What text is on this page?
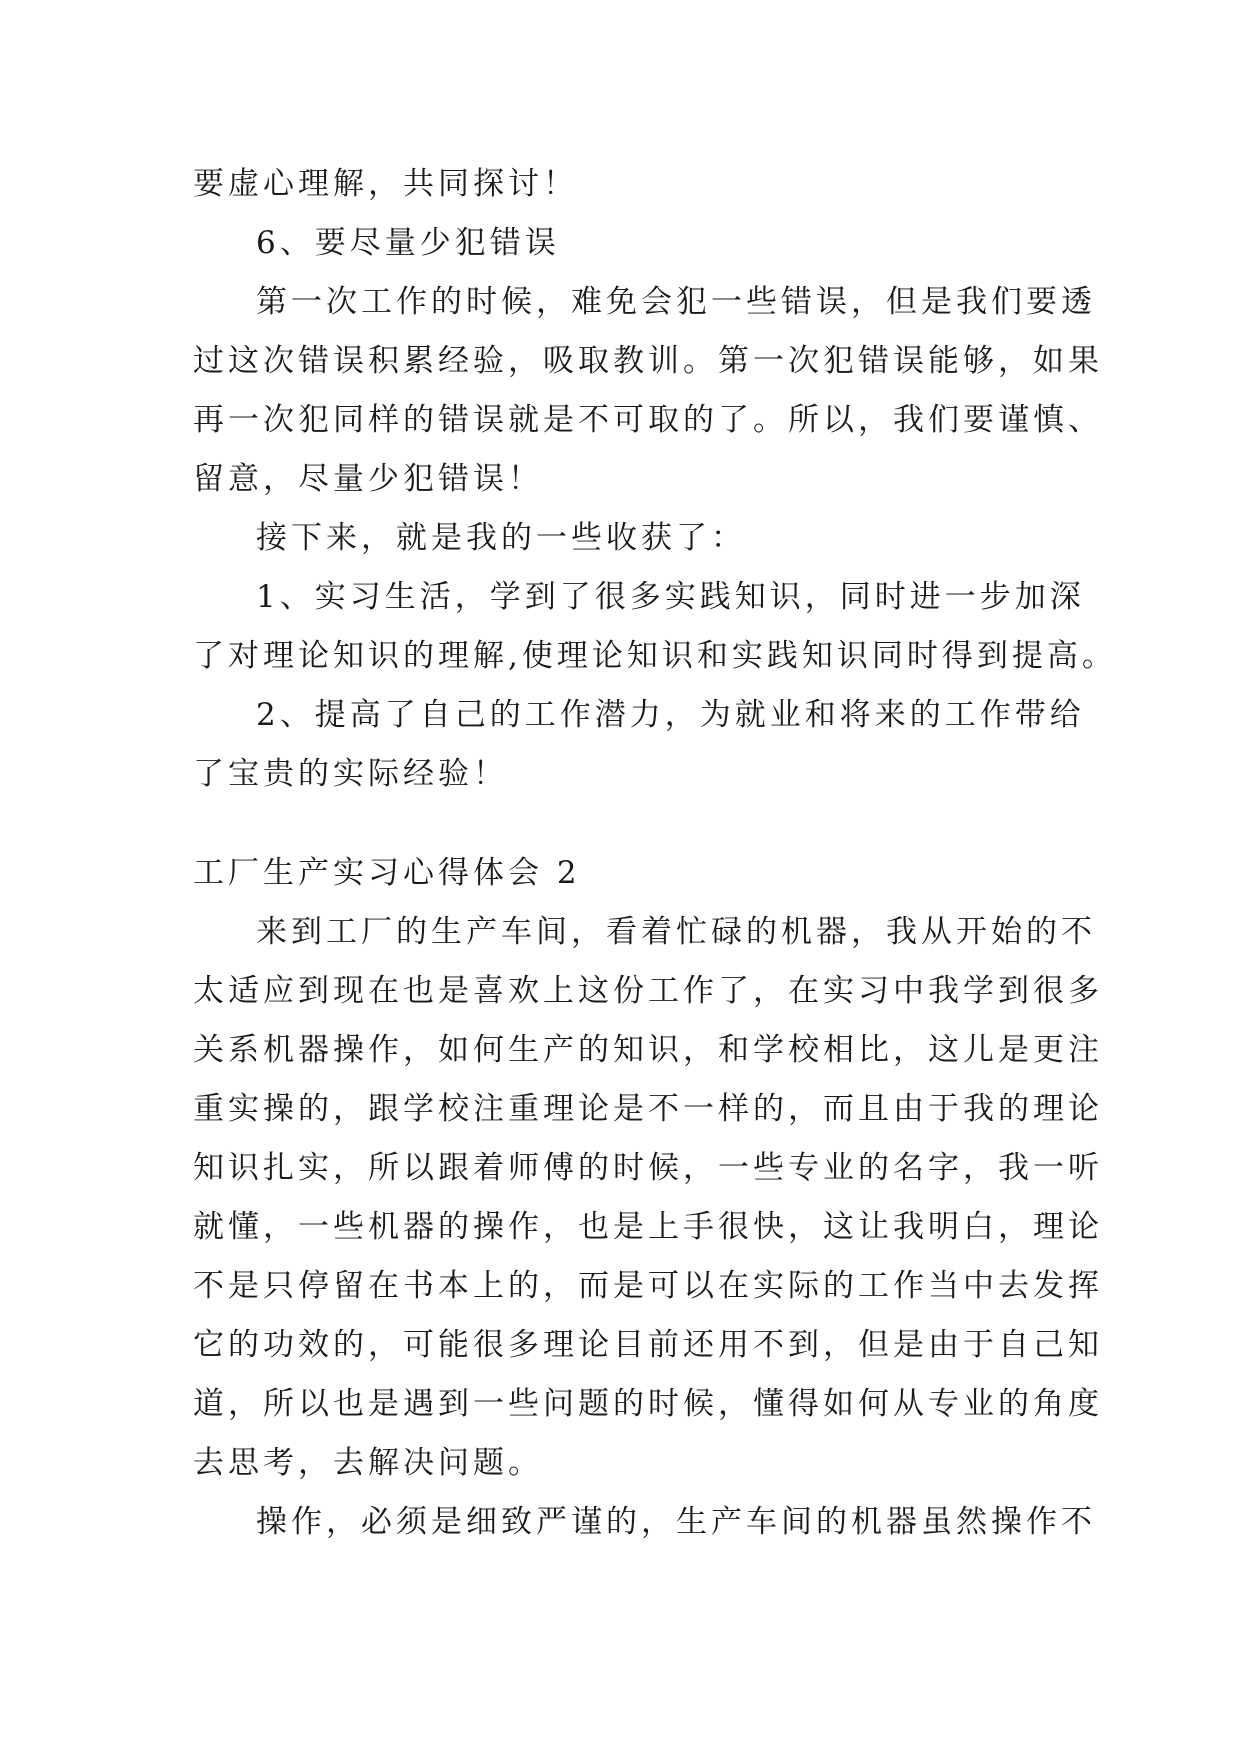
要虚心理解，共同探讨！
6、要尽量少犯错误
第一次工作的时候，难免会犯一些错误，但是我们要透
过这次错误积累经验，吸取教训。第一次犯错误能够，如果
再一次犯同样的错误就是不可取的了。所以，我们要谨慎、
留意，尽量少犯错误！
接下来，就是我的一些收获了：
1、实习生活，学到了很多实践知识，同时进一步加深
了对理论知识的理解,使理论知识和实践知识同时得到提高。
2、提高了自己的工作潜力，为就业和将来的工作带给
了宝贵的实际经验！
工厂生产实习心得体会 2
来到工厂的生产车间，看着忙碌的机器，我从开始的不
太适应到现在也是喜欢上这份工作了，在实习中我学到很多
关系机器操作，如何生产的知识，和学校相比，这儿是更注
重实操的，跟学校注重理论是不一样的，而且由于我的理论
知识扎实，所以跟着师傅的时候，一些专业的名字，我一听
就懂，一些机器的操作，也是上手很快，这让我明白，理论
不是只停留在书本上的，而是可以在实际的工作当中去发挥
它的功效的，可能很多理论目前还用不到，但是由于自己知
道，所以也是遇到一些问题的时候，懂得如何从专业的角度
去思考，去解决问题。
操作，必须是细致严谨的，生产车间的机器虽然操作不
